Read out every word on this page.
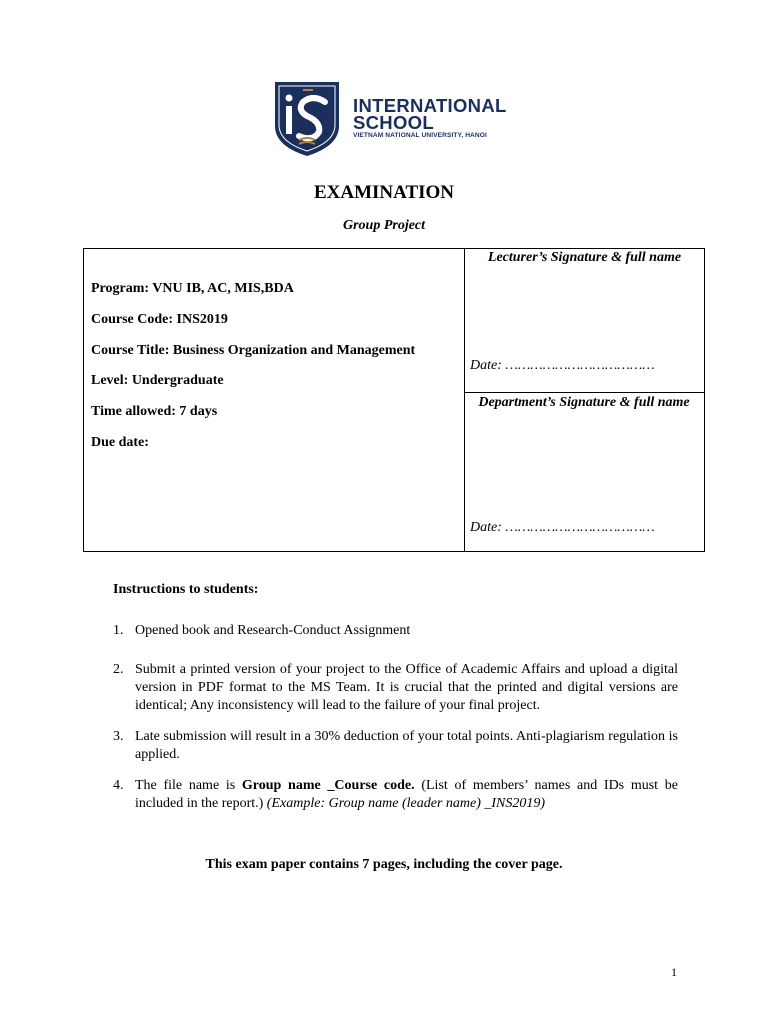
INTERNATIONAL
SCHOOL
VIETNAM NATIONAL UNIVERSITY, HANOI
EXAMINATION
Group Project
Program: VNU IB, AC, MIS,BDA
Course Code: INS2019
Course Title: Business Organization and Management
Level: Undergraduate
Time allowed: 7 days
Due date:
Lecturer’s Signature & full name
Date: ………………………………
Department’s Signature & full name
Date: ………………………………
Instructions to students:
1. Opened book and Research-Conduct Assignment
2. Submit a printed version of your project to the Office of Academic Affairs and upload a digital version in PDF format to the MS Team. It is crucial that the printed and digital versions are identical; Any inconsistency will lead to the failure of your final project.
3. Late submission will result in a 30% deduction of your total points. Anti-plagiarism regulation is applied.
4. The file name is Group name _Course code. (List of members’ names and IDs must be included in the report.) (Example: Group name (leader name) _INS2019)
This exam paper contains 7 pages, including the cover page.
1
